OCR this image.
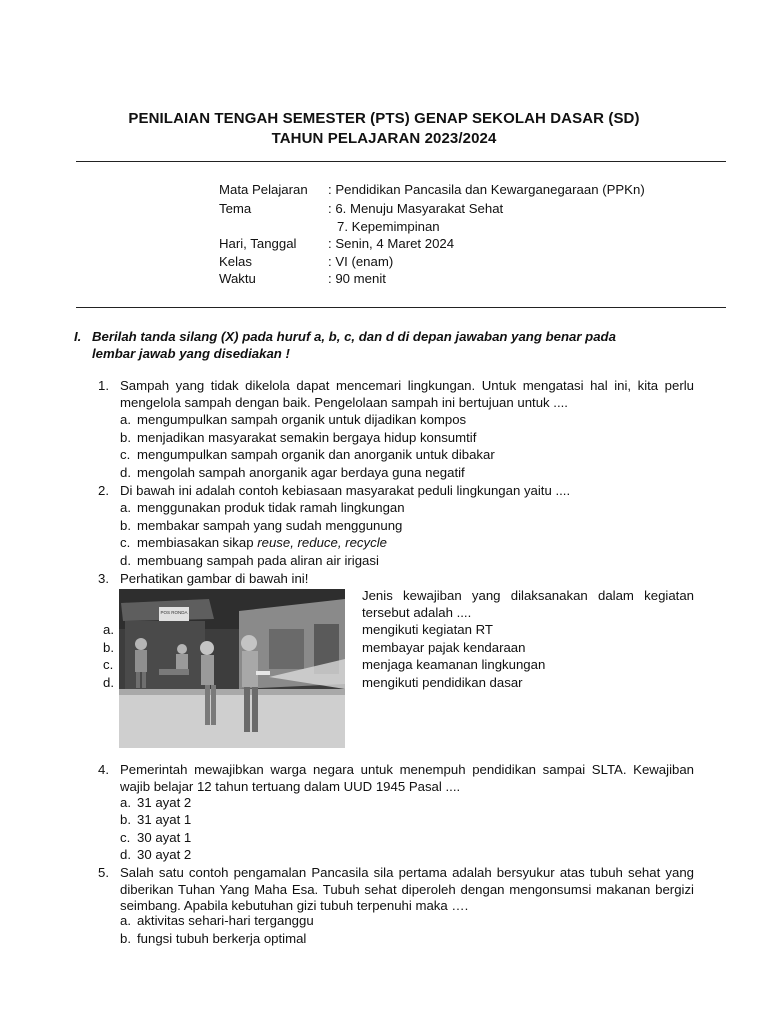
PENILAIAN TENGAH SEMESTER (PTS) GENAP SEKOLAH DASAR (SD)
TAHUN PELAJARAN 2023/2024
Mata Pelajaran : Pendidikan Pancasila dan Kewarganegaraan (PPKn)
Tema	: 6. Menuju Masyarakat Sehat
7. Kepemimpinan
Hari, Tanggal : Senin, 4 Maret 2024
Kelas	: VI (enam)
Waktu	: 90 menit
I. Berilah tanda silang (X) pada huruf a, b, c, dan d di depan jawaban yang benar pada
lembar jawab yang disediakan !
1. Sampah yang tidak dikelola dapat mencemari lingkungan. Untuk mengatasi hal ini, kita perlu mengelola sampah dengan baik. Pengelolaan sampah ini bertujuan untuk ....
a. mengumpulkan sampah organik untuk dijadikan kompos
b. menjadikan masyarakat semakin bergaya hidup konsumtif
c. mengumpulkan sampah organik dan anorganik untuk dibakar
d. mengolah sampah anorganik agar berdaya guna negatif
2. Di bawah ini adalah contoh kebiasaan masyarakat peduli lingkungan yaitu ....
a. menggunakan produk tidak ramah lingkungan
b. membakar sampah yang sudah menggunung
c. membiasakan sikap reuse, reduce, recycle
d. membuang sampah pada aliran air irigasi
3. Perhatikan gambar di bawah ini!
POS RONDA
a.
b.
c.
d.
Jenis kewajiban yang dilaksanakan dalam kegiatan tersebut adalah ....
mengikuti kegiatan RT
membayar pajak kendaraan
menjaga keamanan lingkungan
mengikuti pendidikan dasar
4. Pemerintah mewajibkan warga negara untuk menempuh pendidikan sampai SLTA. Kewajiban wajib belajar 12 tahun tertuang dalam UUD 1945 Pasal ....
a. 31 ayat 2
b. 31 ayat 1
c. 30 ayat 1
d. 30 ayat 2
5. Salah satu contoh pengamalan Pancasila sila pertama adalah bersyukur atas tubuh sehat yang diberikan Tuhan Yang Maha Esa. Tubuh sehat diperoleh dengan mengonsumsi makanan bergizi seimbang. Apabila kebutuhan gizi tubuh terpenuhi maka ….
a. aktivitas sehari-hari terganggu
b. fungsi tubuh berkerja optimal
